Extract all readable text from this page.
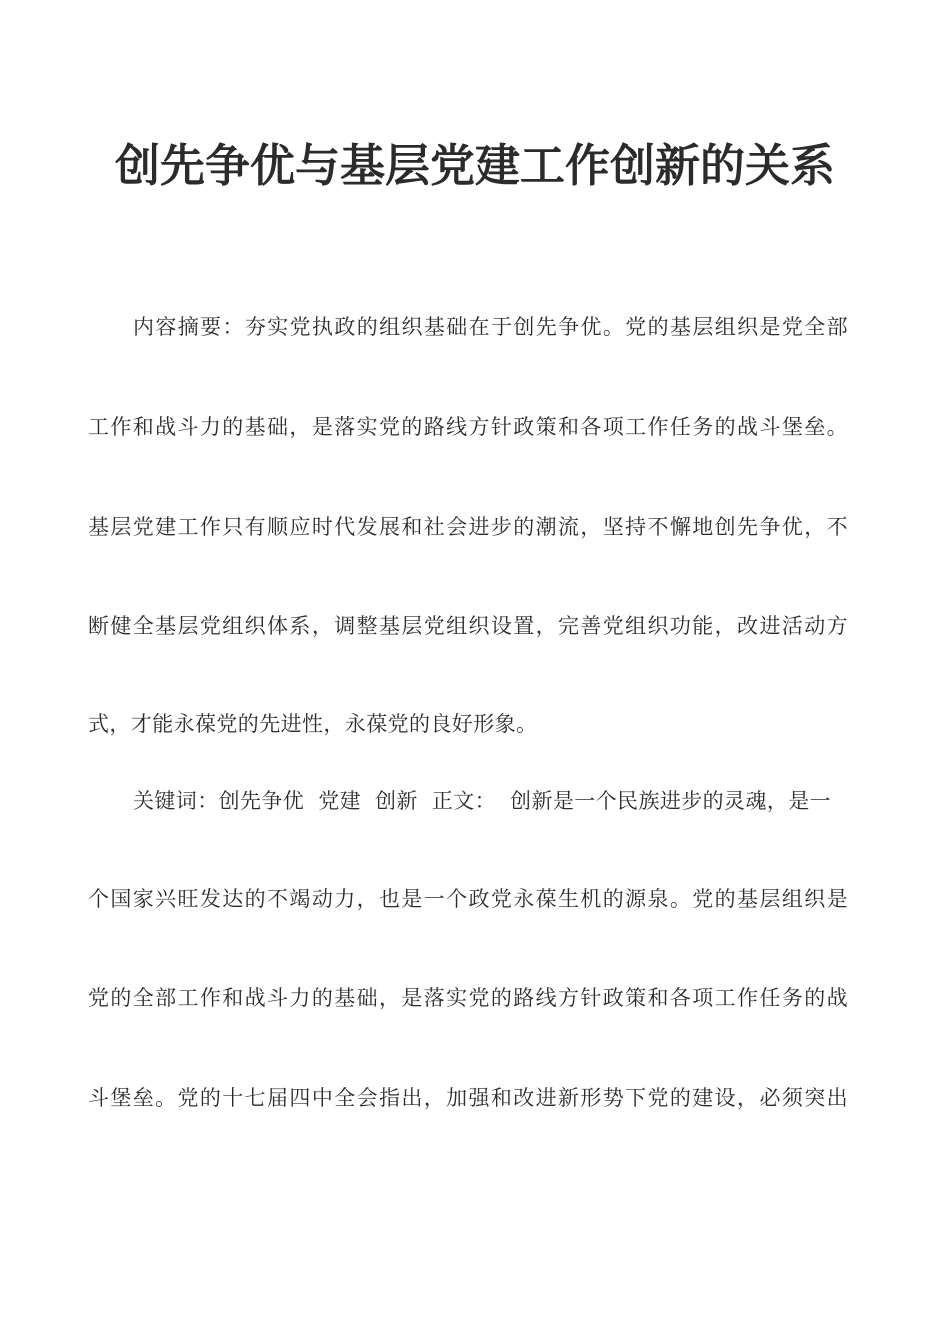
创先争优与基层党建工作创新的关系
内容摘要：夯实党执政的组织基础在于创先争优。党的基层组织是党全部
工作和战斗力的基础，是落实党的路线方针政策和各项工作任务的战斗堡垒。
基层党建工作只有顺应时代发展和社会进步的潮流，坚持不懈地创先争优，不
断健全基层党组织体系，调整基层党组织设置，完善党组织功能，改进活动方
式，才能永葆党的先进性，永葆党的良好形象。
关键词：创先争优 党建 创新 正文： 创新是一个民族进步的灵魂，是一
个国家兴旺发达的不竭动力，也是一个政党永葆生机的源泉。党的基层组织是
党的全部工作和战斗力的基础，是落实党的路线方针政策和各项工作任务的战
斗堡垒。党的十七届四中全会指出，加强和改进新形势下党的建设，必须突出
